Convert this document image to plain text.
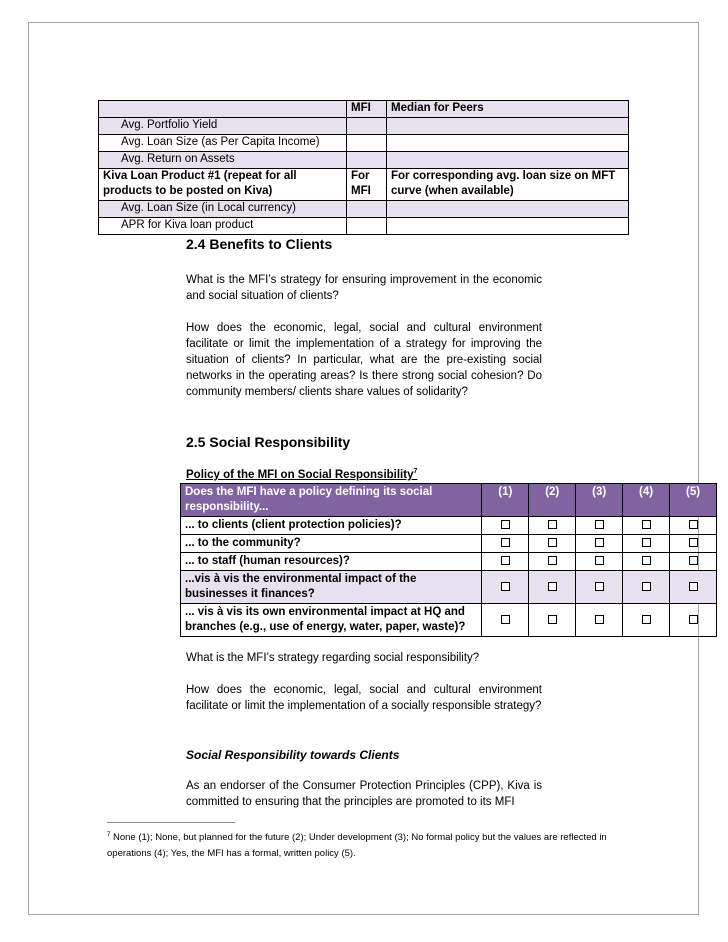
	MFI	Median for Peers
Avg. Portfolio Yield		
Avg. Loan Size (as Per Capita Income)		
Avg. Return on Assets		
Kiva Loan Product #1 (repeat for all products to be posted on Kiva)	For MFI	For corresponding avg. loan size on MFT curve (when available)
Avg. Loan Size (in Local currency)		
APR for Kiva loan product		
2.4 Benefits to Clients
What is the MFI’s strategy for ensuring improvement in the economic and social situation of clients?
How does the economic, legal, social and cultural environment facilitate or limit the implementation of a strategy for improving the situation of clients? In particular, what are the pre-existing social networks in the operating areas? Is there strong social cohesion? Do community members/ clients share values of solidarity?
2.5 Social Responsibility
Policy of the MFI on Social Responsibility$^7$
Does the MFI have a policy defining its social responsibility...	(1)	(2)	(3)	(4)	(5)
... to clients (client protection policies)?					
... to the community?					
... to staff (human resources)?					
...vis à vis the environmental impact of the businesses it finances?					
... vis à vis its own environmental impact at HQ and branches (e.g., use of energy, water, paper, waste)?					
What is the MFI’s strategy regarding social responsibility?
How does the economic, legal, social and cultural environment facilitate or limit the implementation of a socially responsible strategy?
Social Responsibility towards Clients
As an endorser of the Consumer Protection Principles (CPP), Kiva is committed to ensuring that the principles are promoted to its MFI
$^7$ None (1); None, but planned for the future (2); Under development (3); No formal policy but the values are reflected in operations (4); Yes, the MFI has a formal, written policy (5).
